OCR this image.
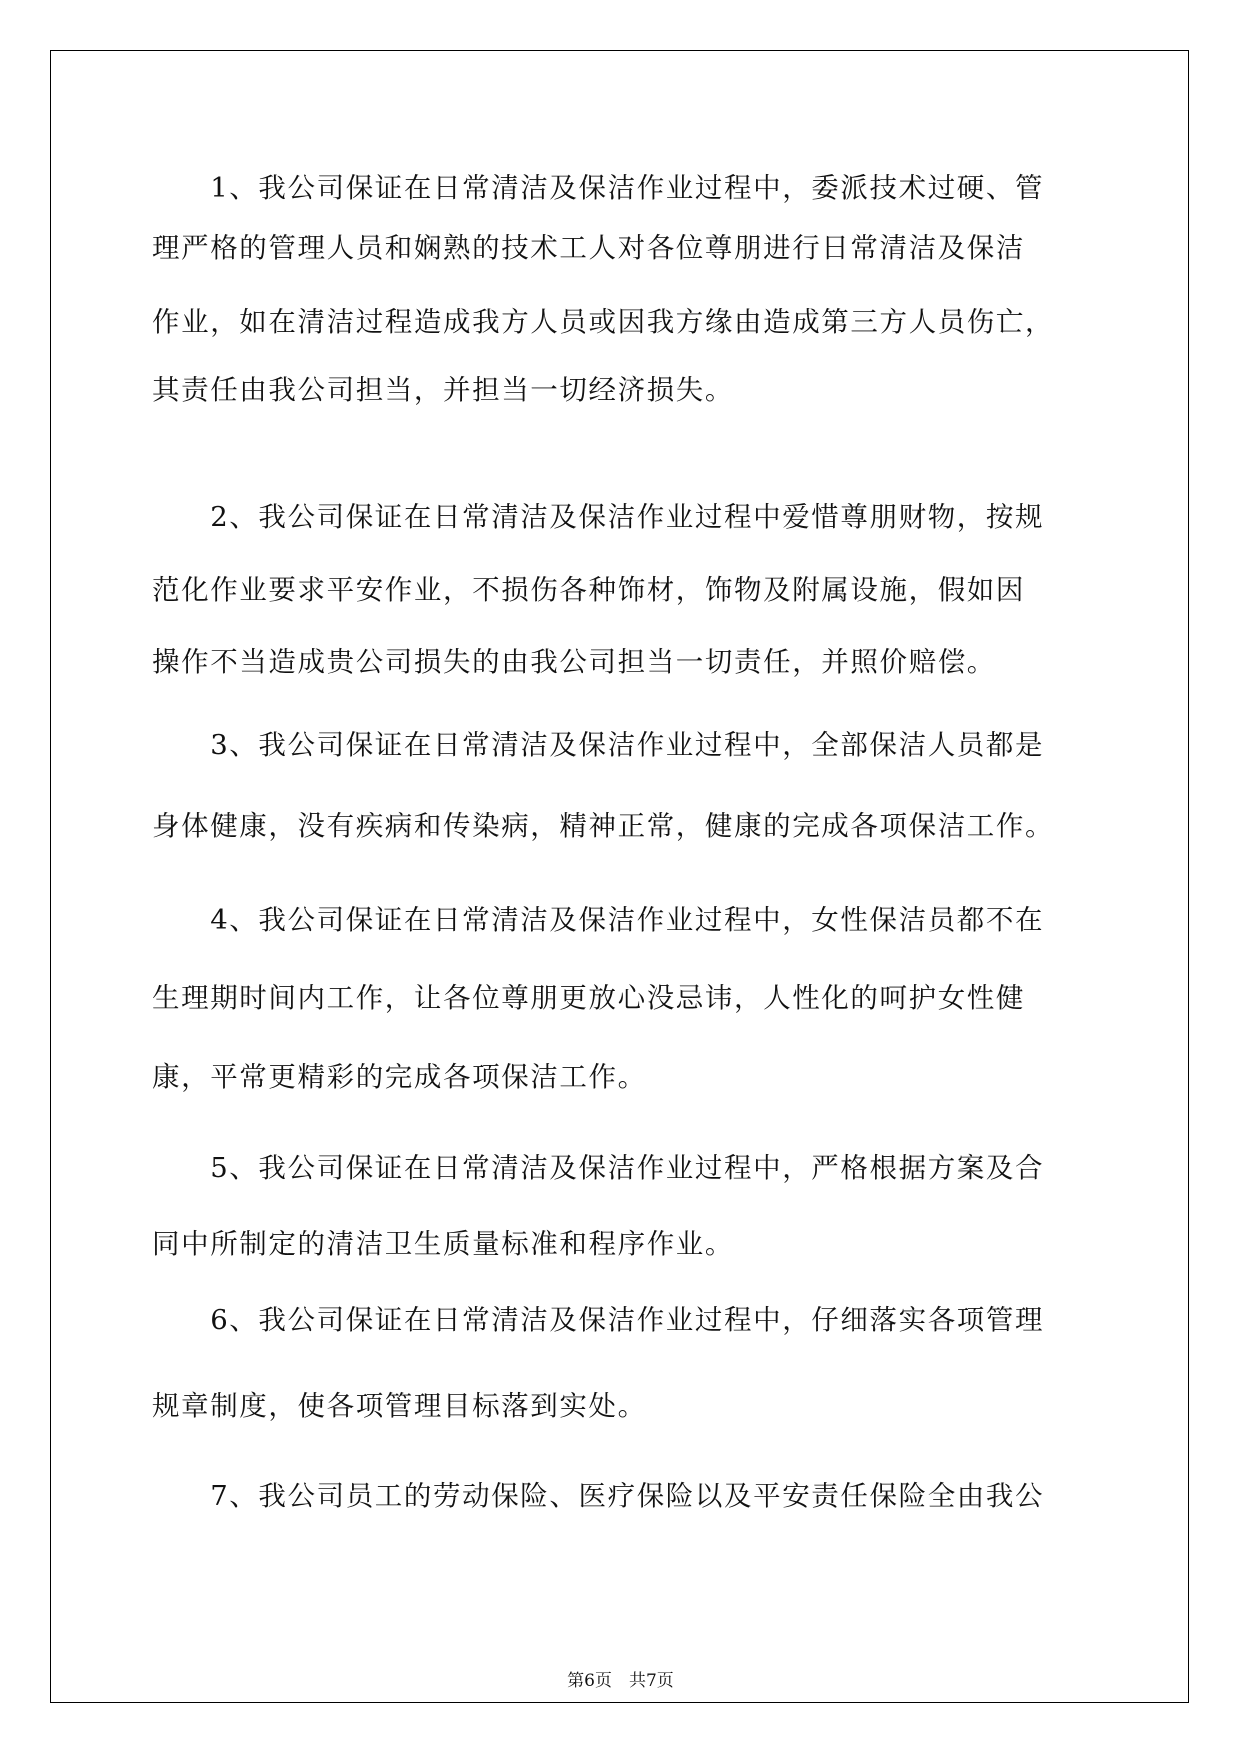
　　1、我公司保证在日常清洁及保洁作业过程中，委派技术过硬、管
理严格的管理人员和娴熟的技术工人对各位尊朋进行日常清洁及保洁
作业，如在清洁过程造成我方人员或因我方缘由造成第三方人员伤亡，
其责任由我公司担当，并担当一切经济损失。
　　2、我公司保证在日常清洁及保洁作业过程中爱惜尊朋财物，按规
范化作业要求平安作业，不损伤各种饰材，饰物及附属设施，假如因
操作不当造成贵公司损失的由我公司担当一切责任，并照价赔偿。
　　3、我公司保证在日常清洁及保洁作业过程中，全部保洁人员都是
身体健康，没有疾病和传染病，精神正常，健康的完成各项保洁工作。
　　4、我公司保证在日常清洁及保洁作业过程中，女性保洁员都不在
生理期时间内工作，让各位尊朋更放心没忌讳，人性化的呵护女性健
康，平常更精彩的完成各项保洁工作。
　　5、我公司保证在日常清洁及保洁作业过程中，严格根据方案及合
同中所制定的清洁卫生质量标准和程序作业。
　　6、我公司保证在日常清洁及保洁作业过程中，仔细落实各项管理
规章制度，使各项管理目标落到实处。
　　7、我公司员工的劳动保险、医疗保险以及平安责任保险全由我公
第6页　共7页
